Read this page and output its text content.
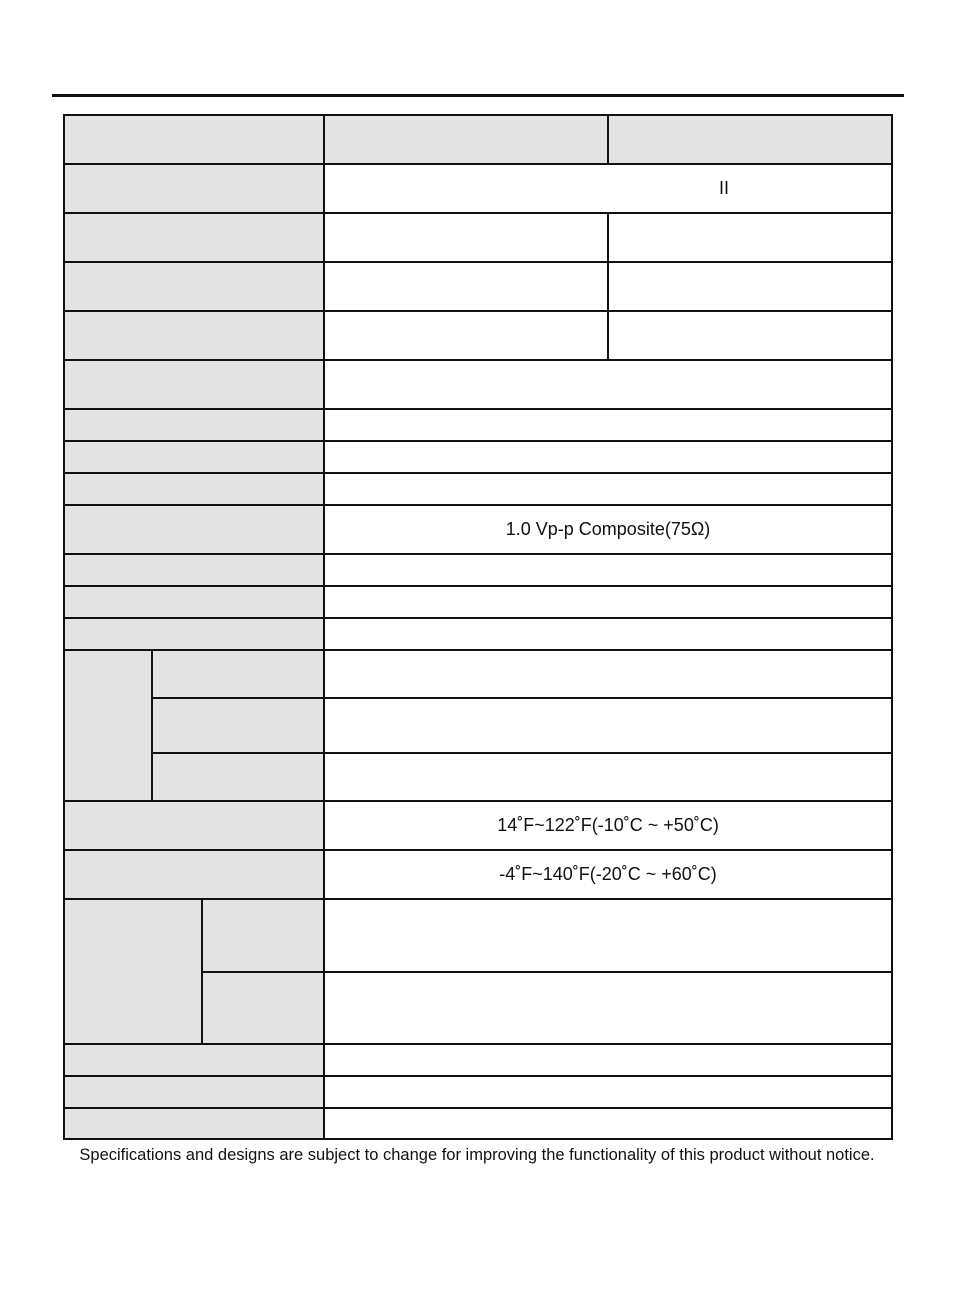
			II	

			1.0 Vp-p Composite(75Ω)	

			14˚F~122˚F(-10˚C ~ +50˚C)	
			-4˚F~140˚F(-20˚C ~ +60˚C)	

Specifications and designs are subject to change for improving the functionality of this product without notice.
